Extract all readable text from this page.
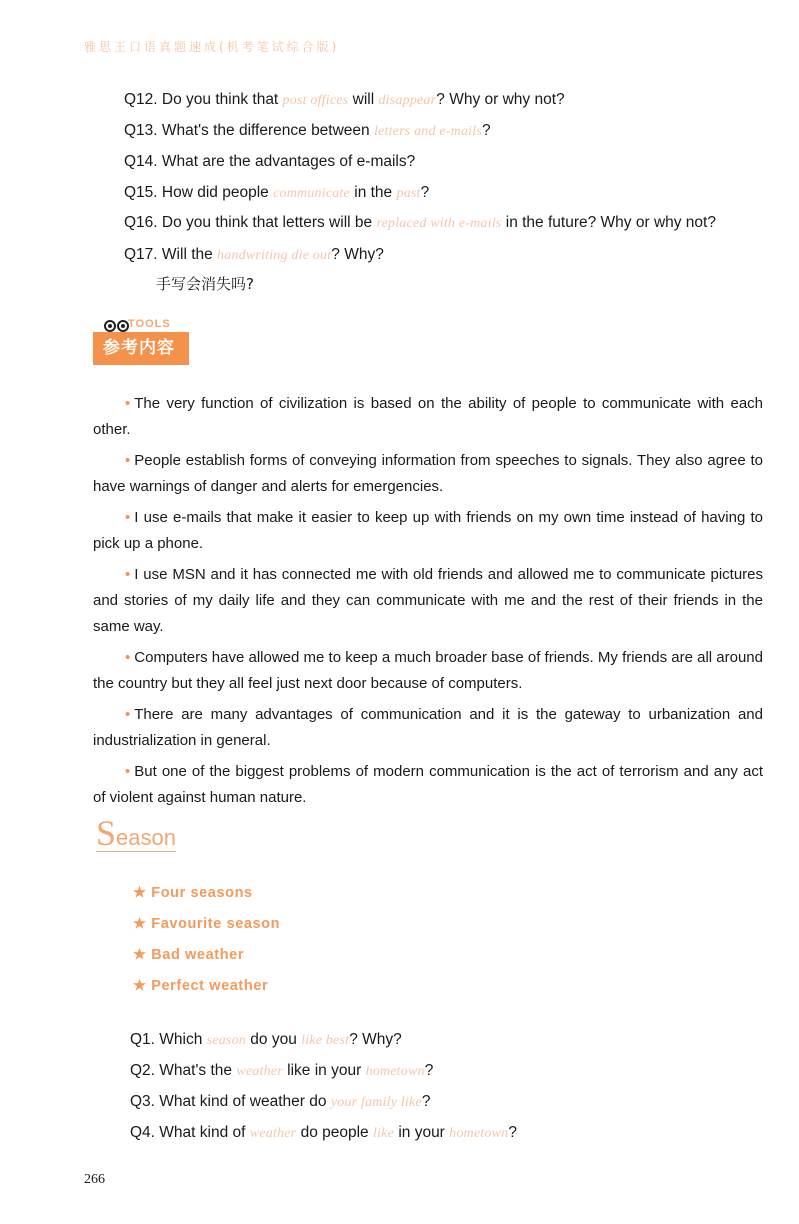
雅思王口语真题速成(机考笔试综合版)
Q12. Do you think that post offices will disappear? Why or why not?
Q13. What's the difference between letters and e-mails?
Q14. What are the advantages of e-mails?
Q15. How did people communicate in the past?
Q16. Do you think that letters will be replaced with e-mails in the future? Why or why not?
Q17. Will the handwriting die out? Why?
手写会消失吗?
TOOLS
参考内容
• The very function of civilization is based on the ability of people to communicate with each other.
• People establish forms of conveying information from speeches to signals. They also agree to have warnings of danger and alerts for emergencies.
• I use e-mails that make it easier to keep up with friends on my own time instead of having to pick up a phone.
• I use MSN and it has connected me with old friends and allowed me to communicate pictures and stories of my daily life and they can communicate with me and the rest of their friends in the same way.
• Computers have allowed me to keep a much broader base of friends. My friends are all around the country but they all feel just next door because of computers.
• There are many advantages of communication and it is the gateway to urbanization and industrialization in general.
• But one of the biggest problems of modern communication is the act of terrorism and any act of violent against human nature.
Season
★ Four seasons
★ Favourite season
★ Bad weather
★ Perfect weather
Q1. Which season do you like best? Why?
Q2. What's the weather like in your hometown?
Q3. What kind of weather do your family like?
Q4. What kind of weather do people like in your hometown?
266
